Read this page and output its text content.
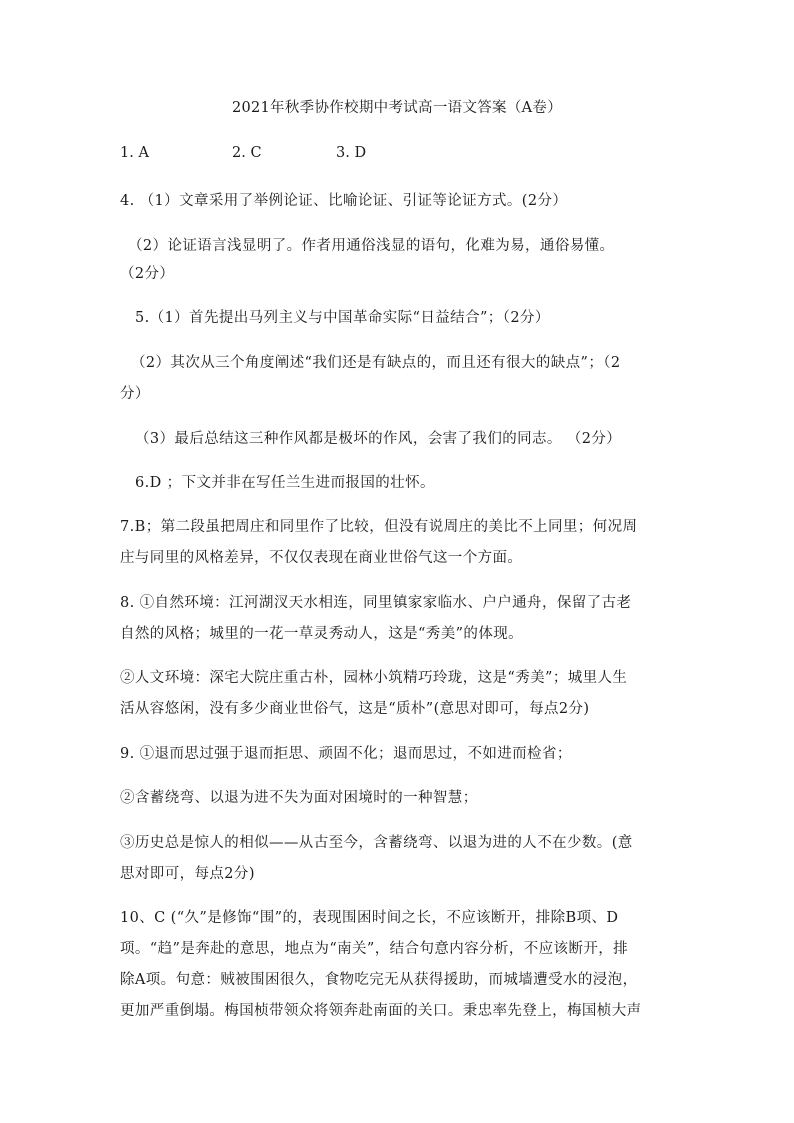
2021年秋季协作校期中考试高一语文答案（A卷）
1. A	2. C	3. D

4. （1）文章采用了举例论证、比喻论证、引证等论证方式。(2分）

（2）论证语言浅显明了。作者用通俗浅显的语句，化难为易，通俗易懂。

（2分）

5.（1）首先提出马列主义与中国革命实际“日益结合”；（2分）

（2）其次从三个角度阐述“我们还是有缺点的，而且还有很大的缺点”；（2

分）

（3）最后总结这三种作风都是极坏的作风，会害了我们的同志。 （2分）

6.D ；下文并非在写任兰生进而报国的壮怀。

7.B；第二段虽把周庄和同里作了比较，但没有说周庄的美比不上同里；何况周

庄与同里的风格差异，不仅仅表现在商业世俗气这一个方面。

8. ①自然环境：江河湖汊天水相连，同里镇家家临水、户户通舟，保留了古老

自然的风格；城里的一花一草灵秀动人，这是“秀美”的体现。

②人文环境：深宅大院庄重古朴，园林小筑精巧玲珑，这是“秀美”；城里人生

活从容悠闲，没有多少商业世俗气，这是“质朴”(意思对即可，每点2分)

9. ①退而思过强于退而拒思、顽固不化；退而思过，不如进而检省；

②含蓄绕弯、以退为进不失为面对困境时的一种智慧；

③历史总是惊人的相似——从古至今，含蓄绕弯、以退为进的人不在少数。(意

思对即可，每点2分)

10、C (“久”是修饰“围”的，表现围困时间之长，不应该断开，排除B项、D

项。“趋”是奔赴的意思，地点为“南关”，结合句意内容分析，不应该断开，排

除A项。句意：贼被围困很久，食物吃完无从获得援助，而城墙遭受水的浸泡，

更加严重倒塌。梅国桢带领众将领奔赴南面的关口。秉忠率先登上，梅国桢大声
